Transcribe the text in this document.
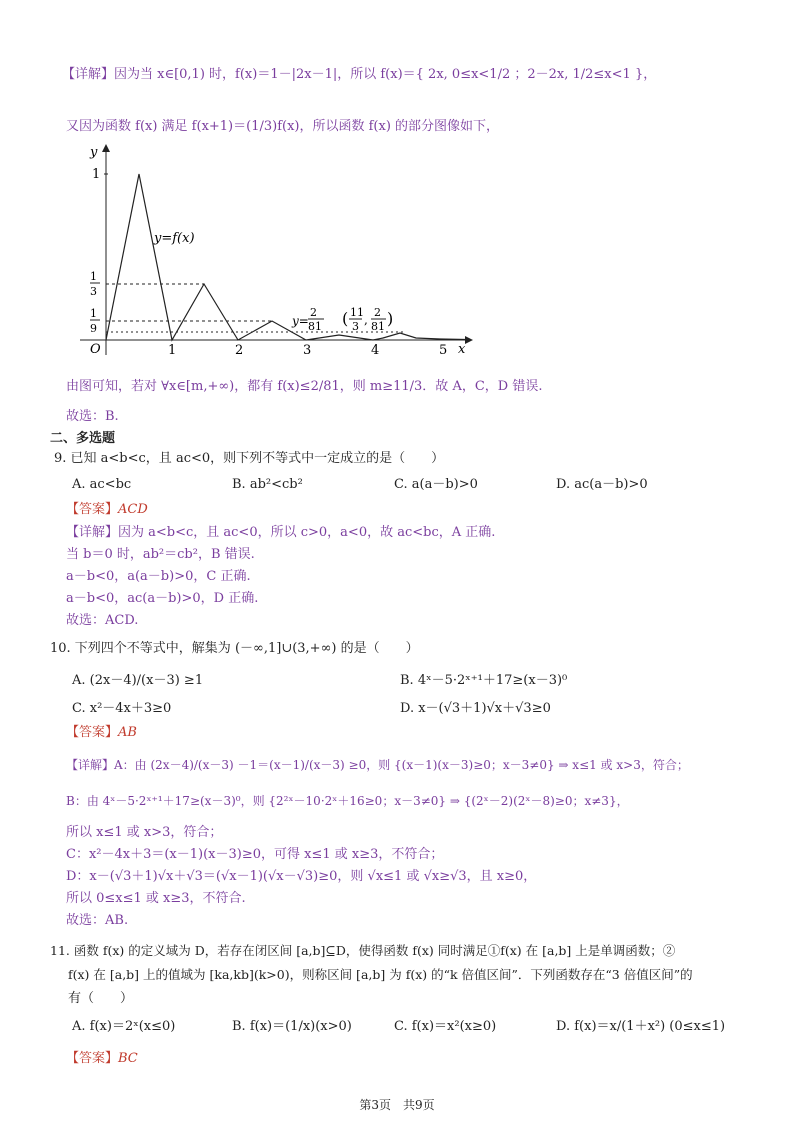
【详解】因为当 x∈[0,1) 时，f(x)＝1－|2x－1|，所以 f(x)＝{ 2x, 0≤x<1/2 ；2－2x, 1/2≤x<1 }，
又因为函数 f(x) 满足 f(x+1)＝(1/3)f(x)，所以函数 f(x) 的部分图像如下，
y
x
O
1
1
3
1
9
y=f(x)
y=
2
81 ( 11
3 ,
2
81 )
1	2	3	4	5
由图可知，若对 ∀x∈[m,+∞)，都有 f(x)≤2/81，则 m≥11/3．故 A，C，D 错误.
故选：B.
二、多选题
9. 已知 a<b<c，且 ac<0，则下列不等式中一定成立的是（　　）
A. ac<bc	B. ab²<cb²	C. a(a－b)>0	D. ac(a－b)>0
【答案】ACD
【详解】因为 a<b<c，且 ac<0，所以 c>0，a<0，故 ac<bc，A 正确.
当 b＝0 时，ab²＝cb²，B 错误.
a－b<0，a(a－b)>0，C 正确.
a－b<0，ac(a－b)>0，D 正确.
故选：ACD.
10. 下列四个不等式中，解集为 (－∞,1]∪(3,+∞) 的是（　　）
A. (2x－4)/(x－3) ≥1	B. 4ˣ－5·2ˣ⁺¹＋17≥(x－3)⁰
C. x²－4x＋3≥0	D. x－(√3＋1)√x＋√3≥0
【答案】AB
【详解】A：由 (2x－4)/(x－3) －1＝(x－1)/(x－3) ≥0，则 {(x－1)(x－3)≥0；x－3≠0} ⇒ x≤1 或 x>3，符合；
B：由 4ˣ－5·2ˣ⁺¹＋17≥(x－3)⁰，则 {2²ˣ－10·2ˣ＋16≥0；x－3≠0} ⇒ {(2ˣ－2)(2ˣ－8)≥0；x≠3}，
所以 x≤1 或 x>3，符合；
C：x²－4x＋3＝(x－1)(x－3)≥0，可得 x≤1 或 x≥3，不符合；
D：x－(√3＋1)√x＋√3＝(√x－1)(√x－√3)≥0，则 √x≤1 或 √x≥√3，且 x≥0，
所以 0≤x≤1 或 x≥3，不符合.
故选：AB.
11. 函数 f(x) 的定义域为 D，若存在闭区间 [a,b]⊆D，使得函数 f(x) 同时满足①f(x) 在 [a,b] 上是单调函数；②
f(x) 在 [a,b] 上的值域为 [ka,kb](k>0)，则称区间 [a,b] 为 f(x) 的“k 倍值区间”．下列函数存在“3 倍值区间”的
有（　　）
A. f(x)＝2ˣ(x≤0)	B. f(x)＝(1/x)(x>0)	C. f(x)＝x²(x≥0)	D. f(x)＝x/(1＋x²) (0≤x≤1)
【答案】BC
第3页　共9页
